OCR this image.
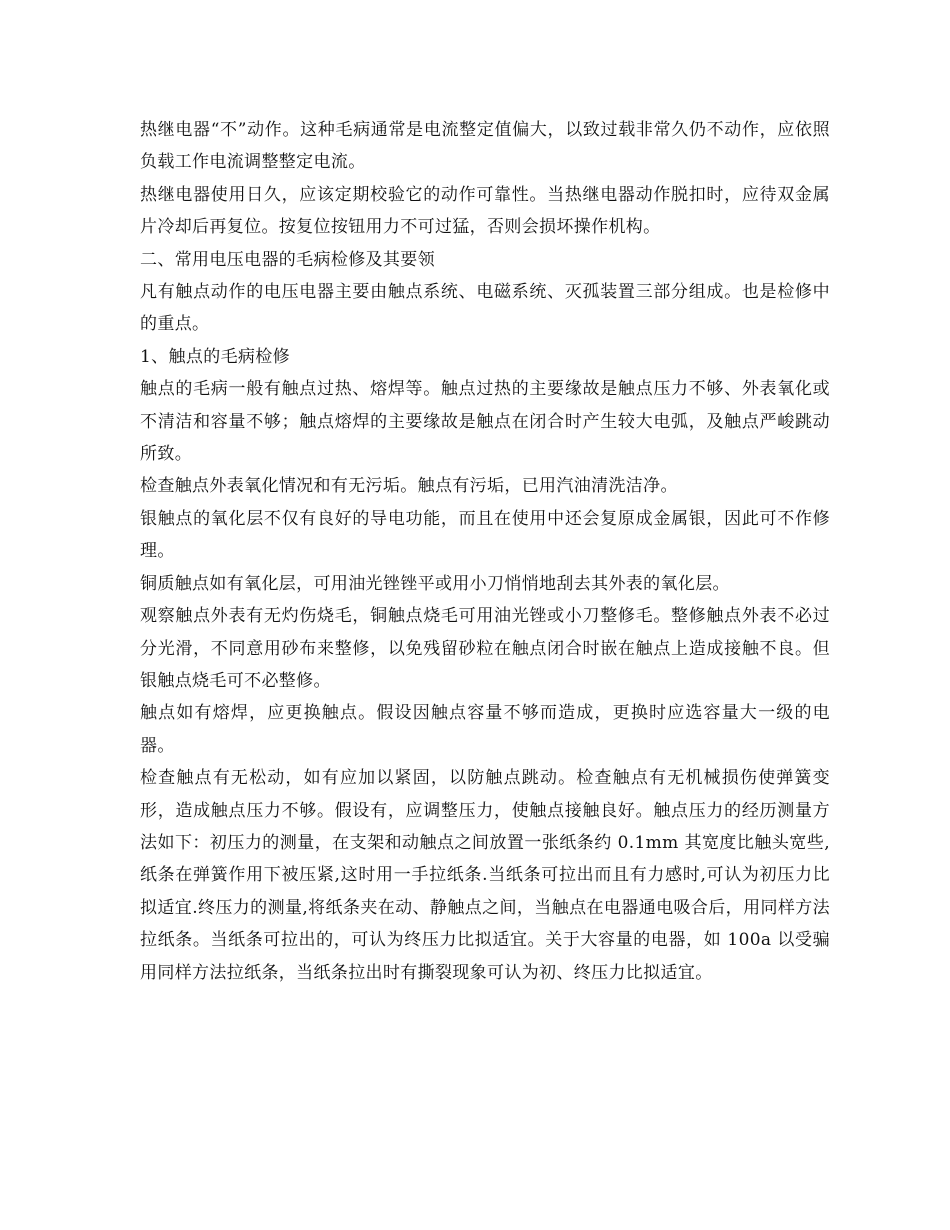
热继电器“不”动作。这种毛病通常是电流整定值偏大，以致过载非常久仍不动作，应依照负载工作电流调整整定电流。

热继电器使用日久，应该定期校验它的动作可靠性。当热继电器动作脱扣时，应待双金属片冷却后再复位。按复位按钮用力不可过猛，否则会损坏操作机构。

二、常用电压电器的毛病检修及其要领

凡有触点动作的电压电器主要由触点系统、电磁系统、灭孤装置三部分组成。也是检修中的重点。

1、触点的毛病检修

触点的毛病一般有触点过热、熔焊等。触点过热的主要缘故是触点压力不够、外表氧化或不清洁和容量不够；触点熔焊的主要缘故是触点在闭合时产生较大电弧，及触点严峻跳动所致。

检查触点外表氧化情况和有无污垢。触点有污垢，已用汽油清洗洁净。

银触点的氧化层不仅有良好的导电功能，而且在使用中还会复原成金属银，因此可不作修理。

铜质触点如有氧化层，可用油光锉锉平或用小刀悄悄地刮去其外表的氧化层。

观察触点外表有无灼伤烧毛，铜触点烧毛可用油光锉或小刀整修毛。整修触点外表不必过分光滑，不同意用砂布来整修，以免残留砂粒在触点闭合时嵌在触点上造成接触不良。但银触点烧毛可不必整修。

触点如有熔焊，应更换触点。假设因触点容量不够而造成，更换时应选容量大一级的电器。

检查触点有无松动，如有应加以紧固，以防触点跳动。检查触点有无机械损伤使弹簧变形，造成触点压力不够。假设有，应调整压力，使触点接触良好。触点压力的经历测量方法如下：初压力的测量，在支架和动触点之间放置一张纸条约 0.1mm 其宽度比触头宽些,纸条在弹簧作用下被压紧,这时用一手拉纸条.当纸条可拉出而且有力感时,可认为初压力比拟适宜.终压力的测量,将纸条夹在动、静触点之间，当触点在电器通电吸合后，用同样方法拉纸条。当纸条可拉出的，可认为终压力比拟适宜。关于大容量的电器，如 100a 以受骗用同样方法拉纸条，当纸条拉出时有撕裂现象可认为初、终压力比拟适宜。
